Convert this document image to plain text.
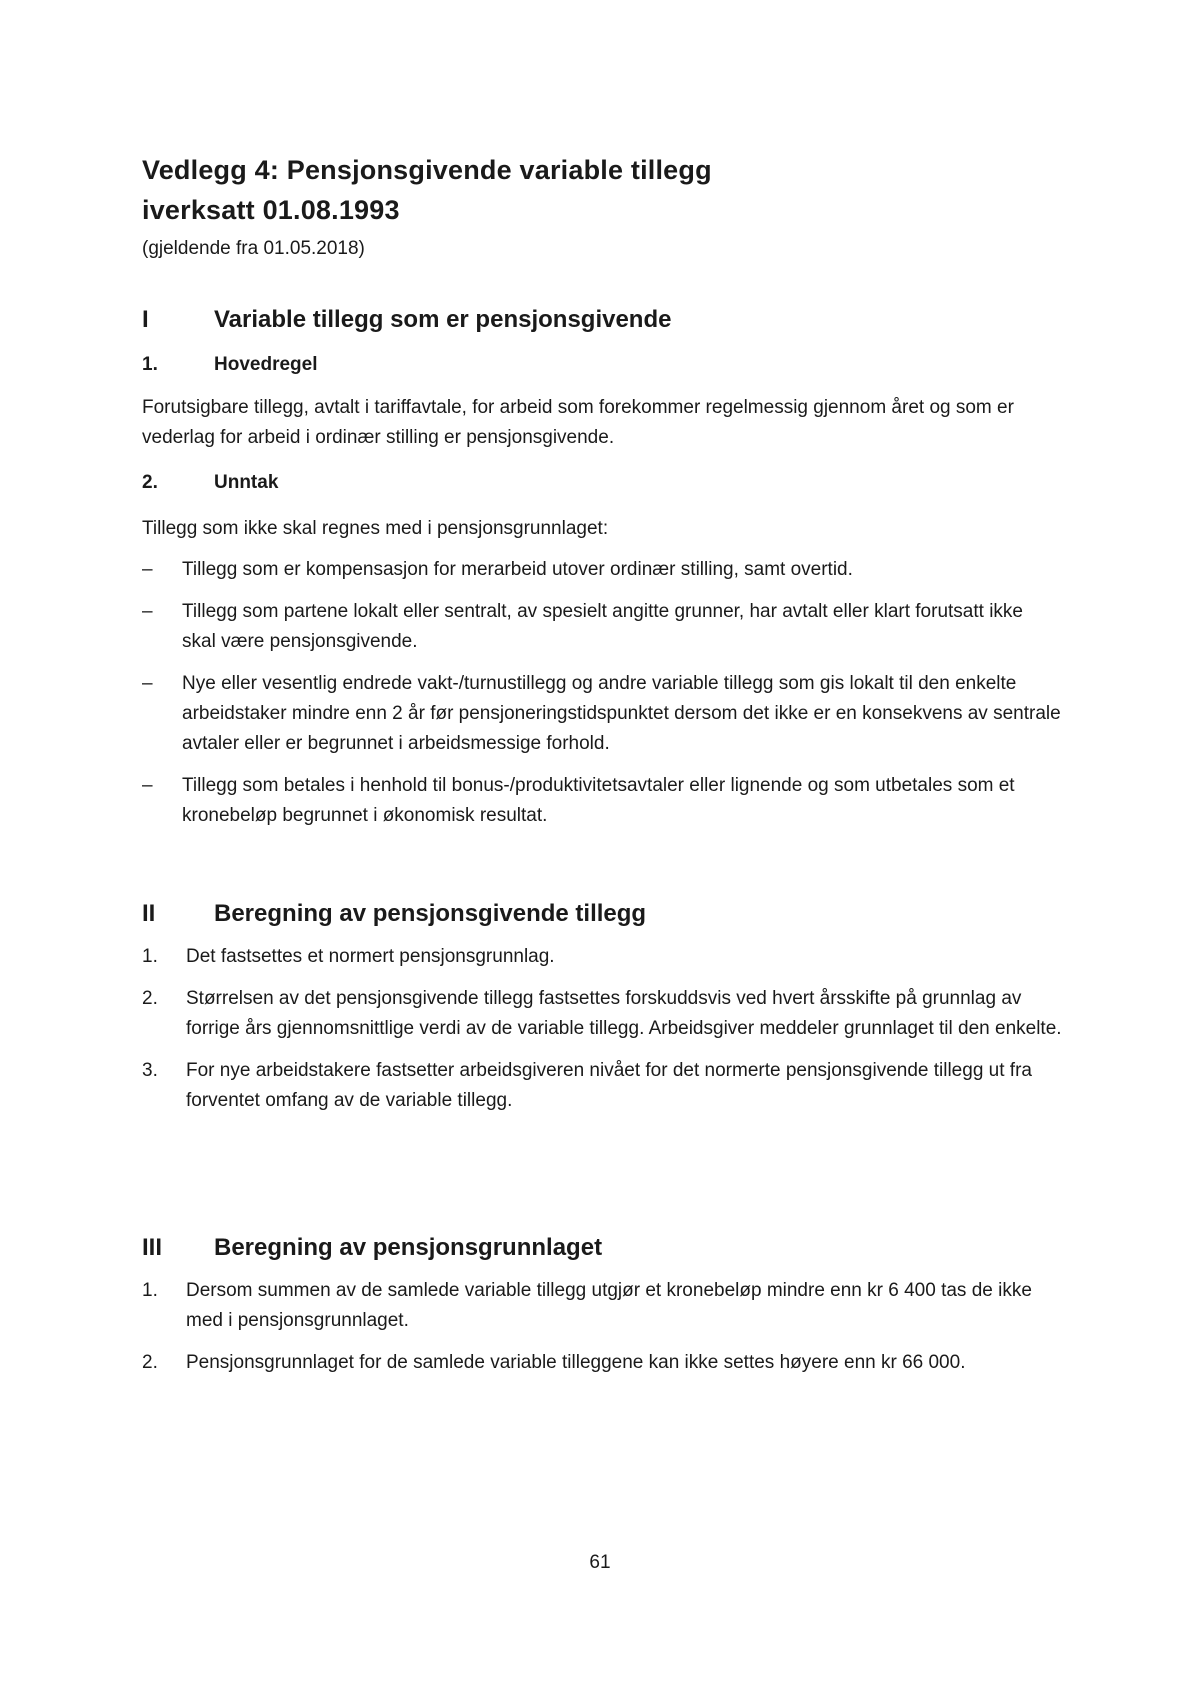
Vedlegg 4: Pensjonsgivende variable tillegg
iverksatt 01.08.1993
(gjeldende fra 01.05.2018)
I	Variable tillegg som er pensjonsgivende
1.	Hovedregel

Forutsigbare tillegg, avtalt i tariffavtale, for arbeid som forekommer regelmessig gjennom året og som er vederlag for arbeid i ordinær stilling er pensjonsgivende.

2.	Unntak

Tillegg som ikke skal regnes med i pensjonsgrunnlaget:

– Tillegg som er kompensasjon for merarbeid utover ordinær stilling, samt overtid.
– Tillegg som partene lokalt eller sentralt, av spesielt angitte grunner, har avtalt eller klart forutsatt ikke skal være pensjonsgivende.
– Nye eller vesentlig endrede vakt-/turnustillegg og andre variable tillegg som gis lokalt til den enkelte arbeidstaker mindre enn 2 år før pensjoneringstidspunktet dersom det ikke er en konsekvens av sentrale avtaler eller er begrunnet i arbeidsmessige forhold.
– Tillegg som betales i henhold til bonus-/produktivitetsavtaler eller lignende og som utbetales som et kronebeløp begrunnet i økonomisk resultat.
II Beregning av pensjonsgivende tillegg
1. Det fastsettes et normert pensjonsgrunnlag.
2. Størrelsen av det pensjonsgivende tillegg fastsettes forskuddsvis ved hvert årsskifte på grunnlag av forrige års gjennomsnittlige verdi av de variable tillegg. Arbeidsgiver meddeler grunnlaget til den enkelte.
3. For nye arbeidstakere fastsetter arbeidsgiveren nivået for det normerte pensjonsgivende tillegg ut fra forventet omfang av de variable tillegg.
III Beregning av pensjonsgrunnlaget
1. Dersom summen av de samlede variable tillegg utgjør et kronebeløp mindre enn kr 6 400 tas de ikke med i pensjonsgrunnlaget.
2. Pensjonsgrunnlaget for de samlede variable tilleggene kan ikke settes høyere enn kr 66 000.
61
